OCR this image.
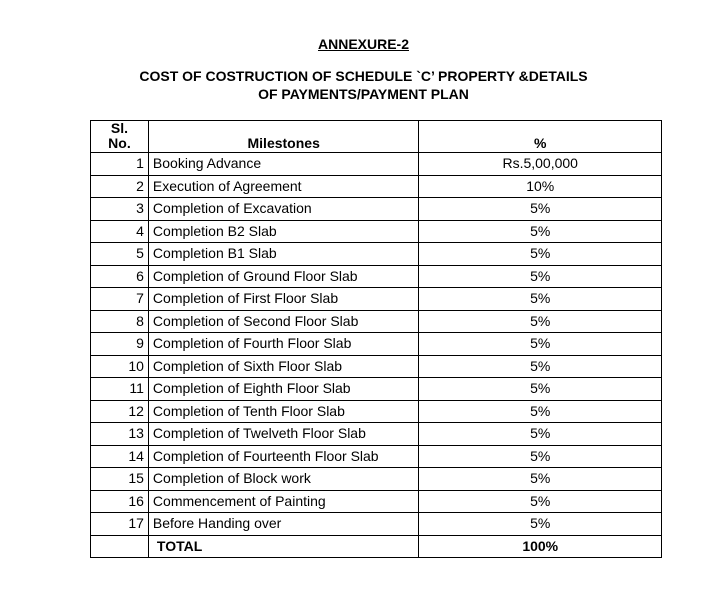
ANNEXURE-2
COST OF COSTRUCTION OF SCHEDULE `C’ PROPERTY &DETAILS
OF PAYMENTS/PAYMENT PLAN
Sl.
No.	Milestones	%
1	Booking Advance	Rs.5,00,000
2	Execution of Agreement	10%
3	Completion of Excavation	5%
4	Completion B2 Slab	5%
5	Completion B1 Slab	5%
6	Completion of Ground Floor Slab	5%
7	Completion of First Floor Slab	5%
8	Completion of Second Floor Slab	5%
9	Completion of Fourth Floor Slab	5%
10	Completion of Sixth Floor Slab	5%
11	Completion of Eighth Floor Slab	5%
12	Completion of Tenth Floor Slab	5%
13	Completion of Twelveth Floor Slab	5%
14	Completion of Fourteenth Floor Slab	5%
15	Completion of Block work	5%
16	Commencement of Painting	5%
17	Before Handing over	5%
	TOTAL	100%
